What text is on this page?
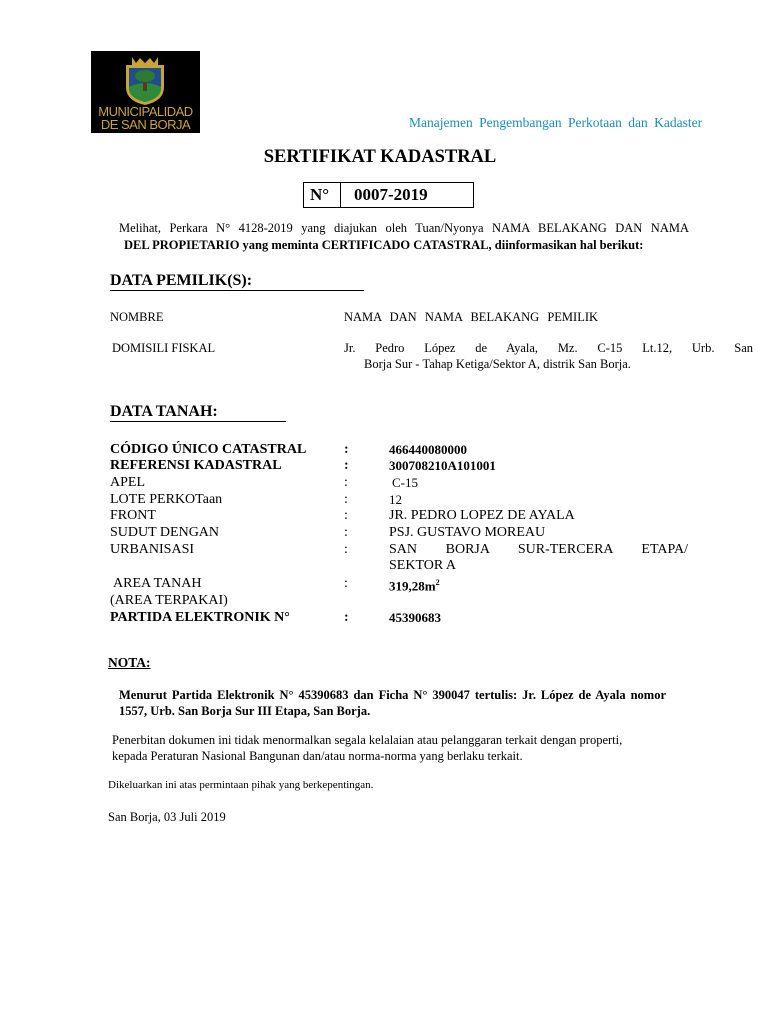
MUNICIPALIDAD
DE SAN BORJA	Manajemen Pengembangan Perkotaan dan Kadaster
SERTIFIKAT KADASTRAL
N° 0007-2019
Melihat, Perkara N° 4128-2019 yang diajukan oleh Tuan/Nyonya NAMA BELAKANG DAN NAMA
DEL PROPIETARIO yang meminta CERTIFICADO CATASTRAL, diinformasikan hal berikut:
DATA PEMILIK(S):
NOMBRE	NAMA DAN NAMA BELAKANG PEMILIK
DOMISILI FISKAL	Jr. Pedro López de Ayala, Mz. C-15 Lt.12, Urb. San
Borja Sur - Tahap Ketiga/Sektor A, distrik San Borja.
DATA TANAH:
CÓDIGO ÚNICO CATASTRAL	:	466440080000
REFERENSI KADASTRAL	:	300708210A101001
APEL	:	C-15
LOTE PERKOTaan	:	12
FRONT	:	JR. PEDRO LOPEZ DE AYALA
SUDUT DENGAN	:	PSJ. GUSTAVO MOREAU
URBANISASI	:	SAN BORJA SUR-TERCERA ETAPA/
SEKTOR A
AREA TANAH
(AREA TERPAKAI)
:	$319,28m^2$
PARTIDA ELEKTRONIK N°	:	45390683
NOTA:
Menurut Partida Elektronik N° 45390683 dan Ficha N° 390047 tertulis: Jr. López de Ayala nomor 1557, Urb. San Borja Sur III Etapa, San Borja.
Penerbitan dokumen ini tidak menormalkan segala kelalaian atau pelanggaran terkait dengan properti, kepada Peraturan Nasional Bangunan dan/atau norma-norma yang berlaku terkait.
Dikeluarkan ini atas permintaan pihak yang berkepentingan.
San Borja, 03 Juli 2019
